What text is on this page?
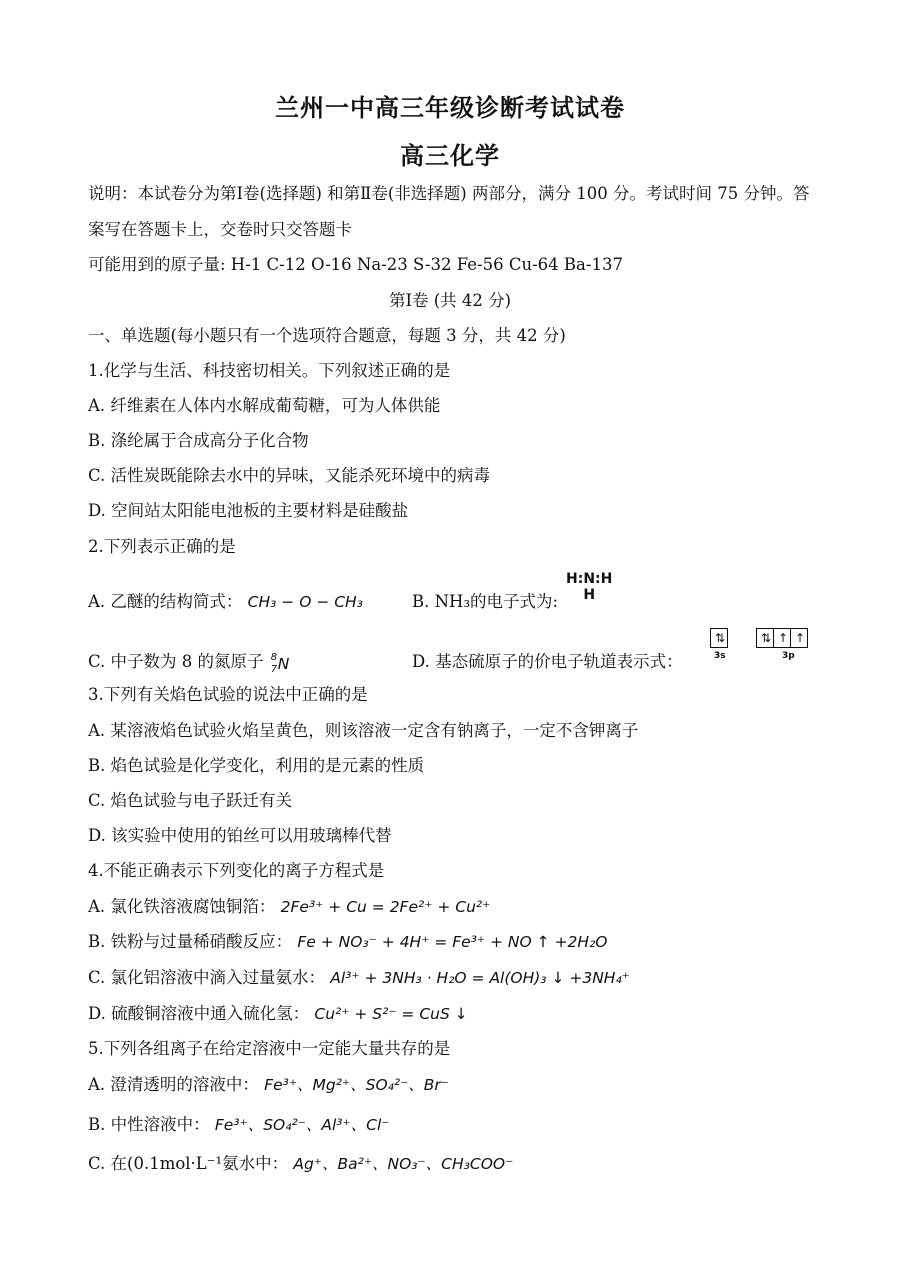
兰州一中高三年级诊断考试试卷
高三化学
说明：本试卷分为第Ⅰ卷(选择题) 和第Ⅱ卷(非选择题) 两部分，满分 100 分。考试时间 75 分钟。答案写在答题卡上，交卷时只交答题卡
可能用到的原子量: H-1 C-12 O-16 Na-23 S-32 Fe-56 Cu-64 Ba-137
第Ⅰ卷 (共 42 分)
一、单选题(每小题只有一个选项符合题意，每题 3 分，共 42 分)
1.化学与生活、科技密切相关。下列叙述正确的是
A. 纤维素在人体内水解成葡萄糖，可为人体供能
B. 涤纶属于合成高分子化合物
C. 活性炭既能除去水中的异味，又能杀死环境中的病毒
D. 空间站太阳能电池板的主要材料是硅酸盐
2.下列表示正确的是
A. 乙醚的结构简式： CH₃ − O − CH₃	B. NH₃的电子式为:
H:N:H
H
C. 中子数为 8 的氮原子 8
7 N	D. 基态硫原子的价电子轨道表示式：
⇅	⇅ ↑ ↑
3s	3p
3.下列有关焰色试验的说法中正确的是
A. 某溶液焰色试验火焰呈黄色，则该溶液一定含有钠离子，一定不含钾离子
B. 焰色试验是化学变化，利用的是元素的性质
C. 焰色试验与电子跃迁有关
D. 该实验中使用的铂丝可以用玻璃棒代替
4.不能正确表示下列变化的离子方程式是
A. 氯化铁溶液腐蚀铜箔： 2Fe³⁺ + Cu = 2Fe²⁺ + Cu²⁺
B. 铁粉与过量稀硝酸反应： Fe + NO₃⁻ + 4H⁺ = Fe³⁺ + NO ↑ +2H₂O
C. 氯化铝溶液中滴入过量氨水： Al³⁺ + 3NH₃ · H₂O = Al(OH)₃ ↓ +3NH₄⁺
D. 硫酸铜溶液中通入硫化氢： Cu²⁺ + S²⁻ = CuS ↓
5.下列各组离子在给定溶液中一定能大量共存的是
A. 澄清透明的溶液中： Fe³⁺、Mg²⁺、SO₄²⁻、Br⁻
B. 中性溶液中： Fe³⁺、SO₄²⁻、Al³⁺、Cl⁻
C. 在(0.1mol·L⁻¹氨水中： Ag⁺、Ba²⁺、NO₃⁻、CH₃COO⁻
